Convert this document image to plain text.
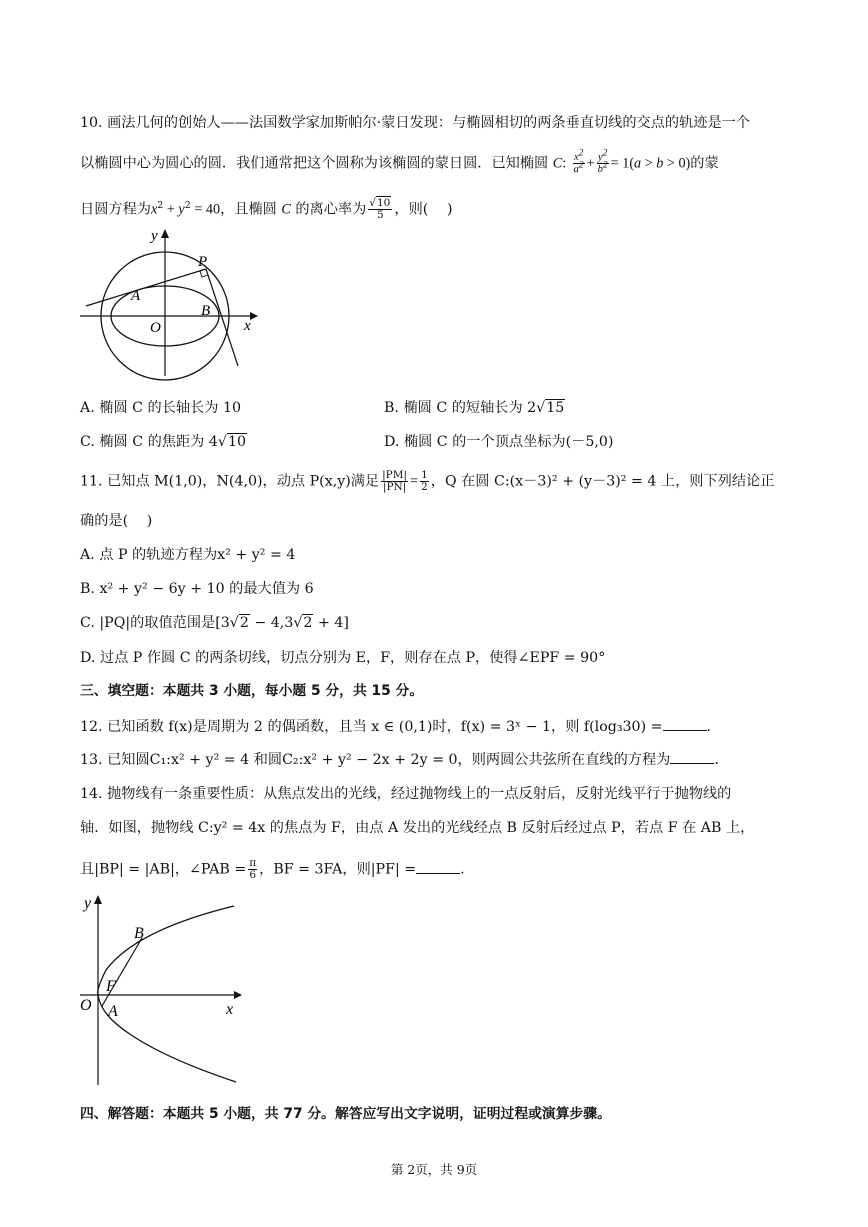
10. 画法几何的创始人——法国数学家加斯帕尔·蒙日发现：与椭圆相切的两条垂直切线的交点的轨迹是一个
以椭圆中心为圆心的圆．我们通常把这个圆称为该椭圆的蒙日圆．已知椭圆 C: $\frac{x^2}{a^2} + \frac{y^2}{b^2} = 1(a > b > 0)$的蒙
日圆方程为$x^2 + y^2 = 40$，且椭圆 C 的离心率为 $\frac{√10}{5}$ ，则(　 )
y
x
O
A
B
P
A. 椭圆 C 的长轴长为 10	B. 椭圆 C 的短轴长为 2√15
C. 椭圆 C 的焦距为 4√10	D. 椭圆 C 的一个顶点坐标为(－5,0)
11. 已知点 M(1,0)，N(4,0)，动点 P(x,y)满足 $\frac{|PM|}{|PN|} = \frac{1}{2}$ ，Q 在圆 C:(x－3)² + (y－3)² = 4 上，则下列结论正
确的是(　 )
A. 点 P 的轨迹方程为x² + y² = 4
B. x² + y² − 6y + 10 的最大值为 6
C. |PQ|的取值范围是[3√2 − 4,3√2 + 4]
D. 过点 P 作圆 C 的两条切线，切点分别为 E，F，则存在点 P，使得∠EPF = 90°
三、填空题：本题共 3 小题，每小题 5 分，共 15 分。
12. 已知函数 f(x)是周期为 2 的偶函数，且当 x ∈ (0,1)时，f(x) = 3ˣ − 1，则 f(log₃30) =	.
13. 已知圆C₁:x² + y² = 4 和圆C₂:x² + y² − 2x + 2y = 0，则两圆公共弦所在直线的方程为	.
14. 抛物线有一条重要性质：从焦点发出的光线，经过抛物线上的一点反射后，反射光线平行于抛物线的
轴．如图，抛物线 C:y² = 4x 的焦点为 F，由点 A 发出的光线经点 B 反射后经过点 P，若点 F 在 AB 上，
且|BP| = |AB|，∠PAB = $\frac{\pi}{6}$ ，BF = 3FA，则|PF| =	.
y
x
O
F
A
B
四、解答题：本题共 5 小题，共 77 分。解答应写出文字说明，证明过程或演算步骤。
第 2页，共 9页
